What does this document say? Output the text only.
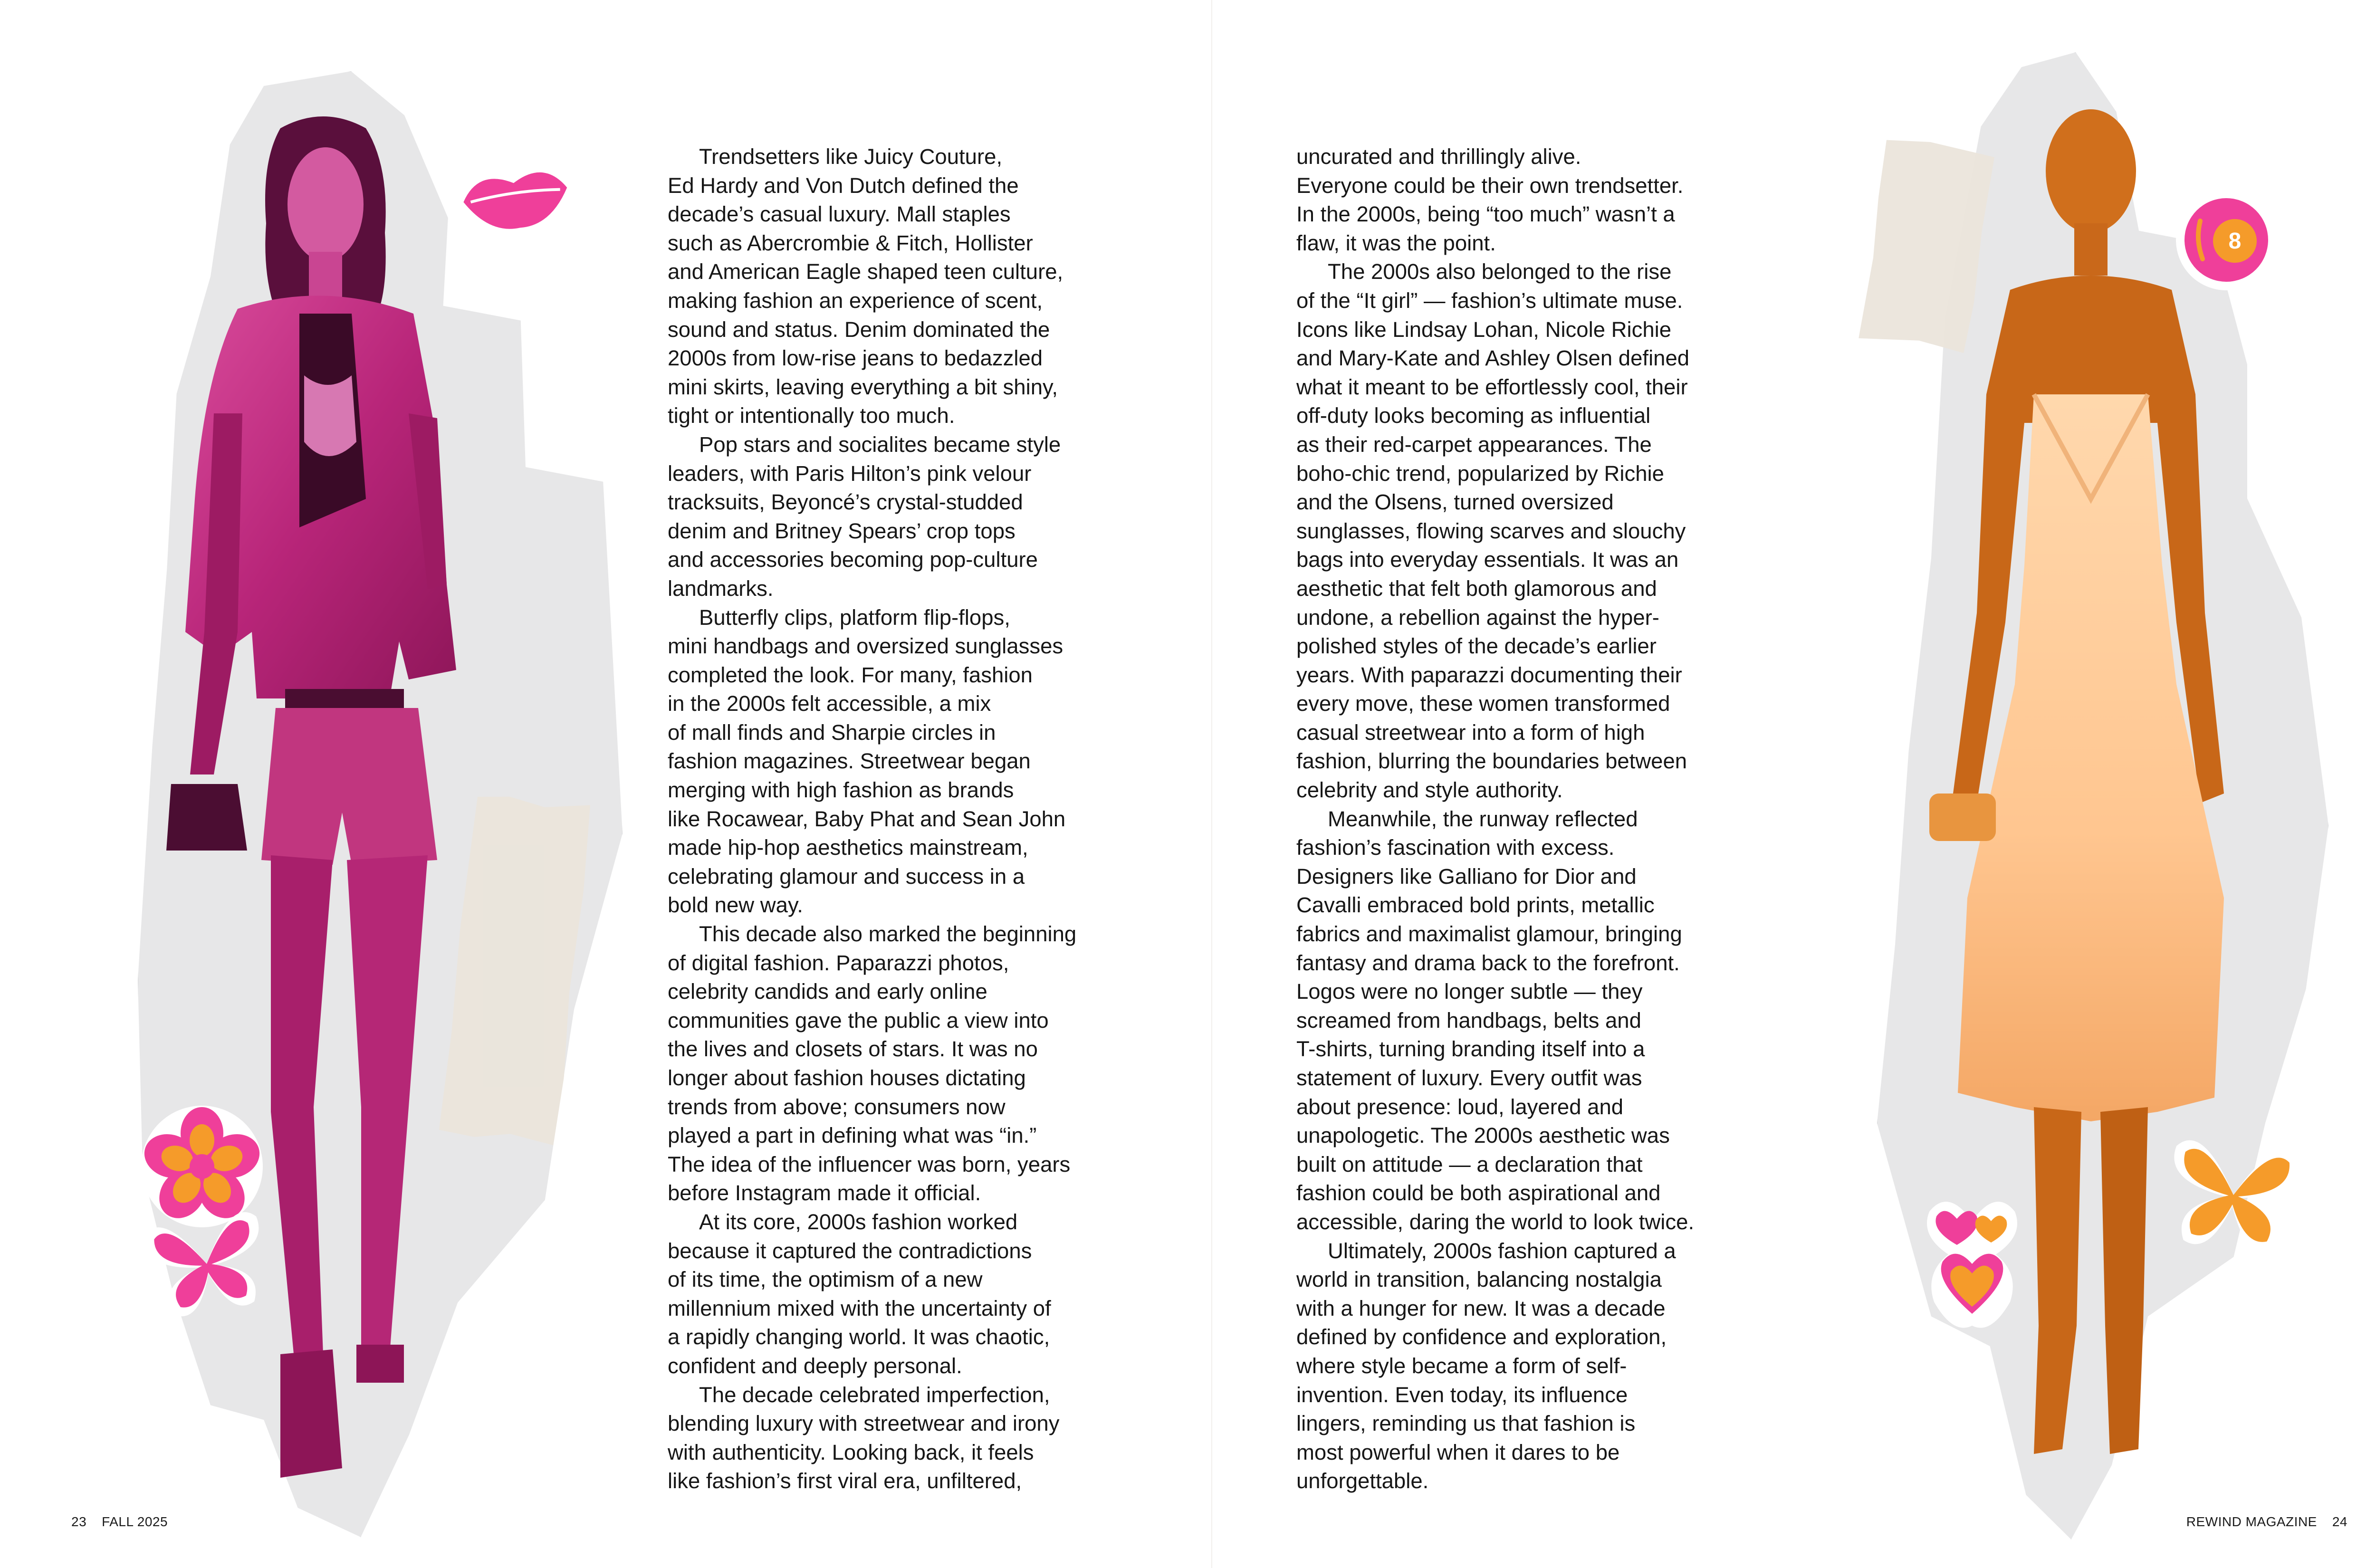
Trendsetters like Juicy Couture,
Ed Hardy and Von Dutch defined the
decade’s casual luxury. Mall staples
such as Abercrombie & Fitch, Hollister
and American Eagle shaped teen culture,
making fashion an experience of scent,
sound and status. Denim dominated the
2000s from low-rise jeans to bedazzled
mini skirts, leaving everything a bit shiny,
tight or intentionally too much.

Pop stars and socialites became style
leaders, with Paris Hilton’s pink velour
tracksuits, Beyoncé’s crystal-studded
denim and Britney Spears’ crop tops
and accessories becoming pop-culture
landmarks.

Butterfly clips, platform flip-flops,
mini handbags and oversized sunglasses
completed the look. For many, fashion
in the 2000s felt accessible, a mix
of mall finds and Sharpie circles in
fashion magazines. Streetwear began
merging with high fashion as brands
like Rocawear, Baby Phat and Sean John
made hip-hop aesthetics mainstream,
celebrating glamour and success in a
bold new way.

This decade also marked the beginning
of digital fashion. Paparazzi photos,
celebrity candids and early online
communities gave the public a view into
the lives and closets of stars. It was no
longer about fashion houses dictating
trends from above; consumers now
played a part in defining what was “in.”
The idea of the influencer was born, years
before Instagram made it official.

At its core, 2000s fashion worked
because it captured the contradictions
of its time, the optimism of a new
millennium mixed with the uncertainty of
a rapidly changing world. It was chaotic,
confident and deeply personal.

The decade celebrated imperfection,
blending luxury with streetwear and irony
with authenticity. Looking back, it feels
like fashion’s first viral era, unfiltered,

uncurated and thrillingly alive.
Everyone could be their own trendsetter.
In the 2000s, being “too much” wasn’t a
flaw, it was the point.

The 2000s also belonged to the rise
of the “It girl” — fashion’s ultimate muse.
Icons like Lindsay Lohan, Nicole Richie
and Mary-Kate and Ashley Olsen defined
what it meant to be effortlessly cool, their
off-duty looks becoming as influential
as their red-carpet appearances. The
boho-chic trend, popularized by Richie
and the Olsens, turned oversized
sunglasses, flowing scarves and slouchy
bags into everyday essentials. It was an
aesthetic that felt both glamorous and
undone, a rebellion against the hyper-
polished styles of the decade’s earlier
years. With paparazzi documenting their
every move, these women transformed
casual streetwear into a form of high
fashion, blurring the boundaries between
celebrity and style authority.

Meanwhile, the runway reflected
fashion’s fascination with excess.
Designers like Galliano for Dior and
Cavalli embraced bold prints, metallic
fabrics and maximalist glamour, bringing
fantasy and drama back to the forefront.
Logos were no longer subtle — they
screamed from handbags, belts and
T-shirts, turning branding itself into a
statement of luxury. Every outfit was
about presence: loud, layered and
unapologetic. The 2000s aesthetic was
built on attitude — a declaration that
fashion could be both aspirational and
accessible, daring the world to look twice.

Ultimately, 2000s fashion captured a
world in transition, balancing nostalgia
with a hunger for new. It was a decade
defined by confidence and exploration,
where style became a form of self-
invention. Even today, its influence
lingers, reminding us that fashion is
most powerful when it dares to be
unforgettable.

8
23 FALL 2025	REWIND MAGAZINE 24
